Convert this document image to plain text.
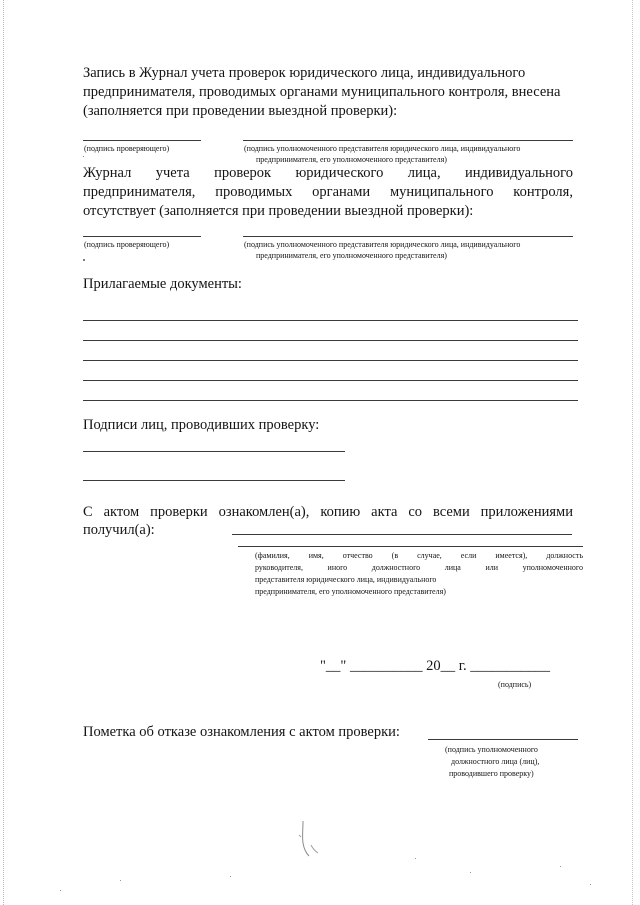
Запись в Журнал учета проверок юридического лица, индивидуального
предпринимателя, проводимых органами муниципального контроля, внесена
(заполняется при проведении выездной проверки):
(подпись проверяющего)	(подпись уполномоченного представителя юридического лица, индивидуального
предпринимателя, его уполномоченного представителя)
Журнал учета проверок юридического лица, индивидуального
предпринимателя, проводимых органами муниципального контроля,
отсутствует (заполняется при проведении выездной проверки):
(подпись проверяющего)	(подпись уполномоченного представителя юридического лица, индивидуального
предпринимателя, его уполномоченного представителя)
Прилагаемые документы:
Подписи лиц, проводивших проверку:
С актом проверки ознакомлен(а), копию акта со всеми приложениями
получил(а):
(фамилия, имя, отчество (в случае, если имеется), должность
руководителя,	иного	должностного	лица	или	уполномоченного
представителя юридического лица, индивидуального
предпринимателя, его уполномоченного представителя)
"__" __________ 20__ г. ___________
(подпись)
Пометка об отказе ознакомления с актом проверки:
(подпись уполномоченного
должностного лица (лиц),
проводившего проверку)
